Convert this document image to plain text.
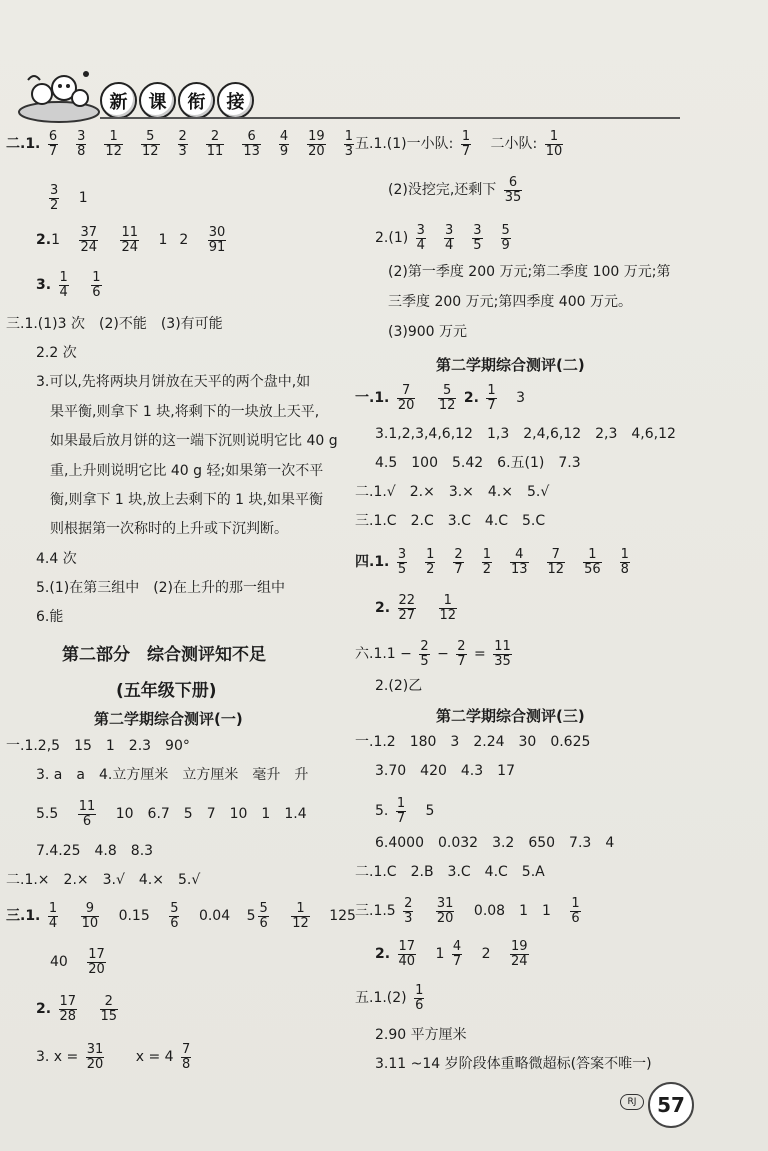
新	课	衔	接
二.1. $\frac{6}{7} \frac{3}{8} \frac{1}{12} \frac{5}{12} \frac{2}{3} \frac{2}{11} \frac{6}{13} \frac{4}{9} \frac{19}{20} \frac{1}{3}$
$\frac{3}{2} 1$
$2.1 \frac{37}{24}$
$\frac{11}{24} 1$ $2 \frac{30}{91}$
3. $\frac{1}{4}$
$\frac{1}{6}$
三.1.(1)3 次　(2)不能　(3)有可能
2.2 次
3.可以,先将两块月饼放在天平的两个盘中,如
果平衡,则拿下 1 块,将剩下的一块放上天平,
如果最后放月饼的这一端下沉则说明它比 40 g
重,上升则说明它比 40 g 轻;如果第一次不平
衡,则拿下 1 块,放上去剩下的 1 块,如果平衡
则根据第一次称时的上升或下沉判断。
4.4 次
5.(1)在第三组中　(2)在上升的那一组中
6.能
第二部分　综合测评知不足
(五年级下册)
第二学期综合测评(一)
一.1.2,5　15　1　2.3　90°
3. a　a　4.立方厘米　立方厘米　毫升　升
$5.5 \frac{11}{6} 10$　6.7　5　7　10　1　1.4
7.4.25　4.8　8.3
二.1.×　2.×　3.√　4.×　5.√
三.1. $\frac{1}{4}$
$\frac{9}{10} 0.15 \frac{5}{6} 0.04$ $5 \frac{5}{6}$
$\frac{1}{12} 125$
$40 \frac{17}{20}$
2. $\frac{17}{28}$
$\frac{2}{15}$
3. $x = \frac{31}{20}$ $x = 4 \frac{7}{8}$
五.1.(1)一小队: $\frac{1}{7}$ 二小队: $\frac{1}{10}$
(2)没挖完,还剩下 $\frac{6}{35}$
$2.(1) \frac{3}{4} \frac{3}{4} \frac{3}{5} \frac{5}{9}$
(2)第一季度 200 万元;第二季度 100 万元;第
三季度 200 万元;第四季度 400 万元。
(3)900 万元
第二学期综合测评(二)
一.1. $\frac{7}{20}$
$\frac{5}{12} 2$. $\frac{1}{7} 3$
3.1,2,3,4,6,12　1,3　2,4,6,12　2,3　4,6,12
4.5　100　5.42　6.五(1)　7.3
二.1.√　2.×　3.×　4.×　5.√
三.1.C　2.C　3.C　4.C　5.C
四.1. $\frac{3}{5} \frac{1}{2} \frac{2}{7} \frac{1}{2} \frac{4}{13} \frac{7}{12} \frac{1}{56} \frac{1}{8}$
2. $\frac{22}{27}$
$\frac{1}{12}$
六$.1.1 - \frac{2}{5} - \frac{2}{7} = \frac{11}{35}$
2.(2)乙
第二学期综合测评(三)
一.1.2　180　3　2.24　30　0.625
3.70　420　4.3　17
5. $\frac{1}{7} 5$
6.4000　0.032　3.2　650　7.3　4
二.1.C　2.B　3.C　4.C　5.A
三$.1.5 \frac{2}{3}$
$\frac{31}{20} 0.08$　1　$1 \frac{1}{6}$
2. $\frac{17}{40} 1 \frac{4}{7} 2 \frac{19}{24}$
五$.1.(2) \frac{1}{6}$
2.90 平方厘米
3.11 ~14 岁阶段体重略微超标(答案不唯一)
RJ	57
